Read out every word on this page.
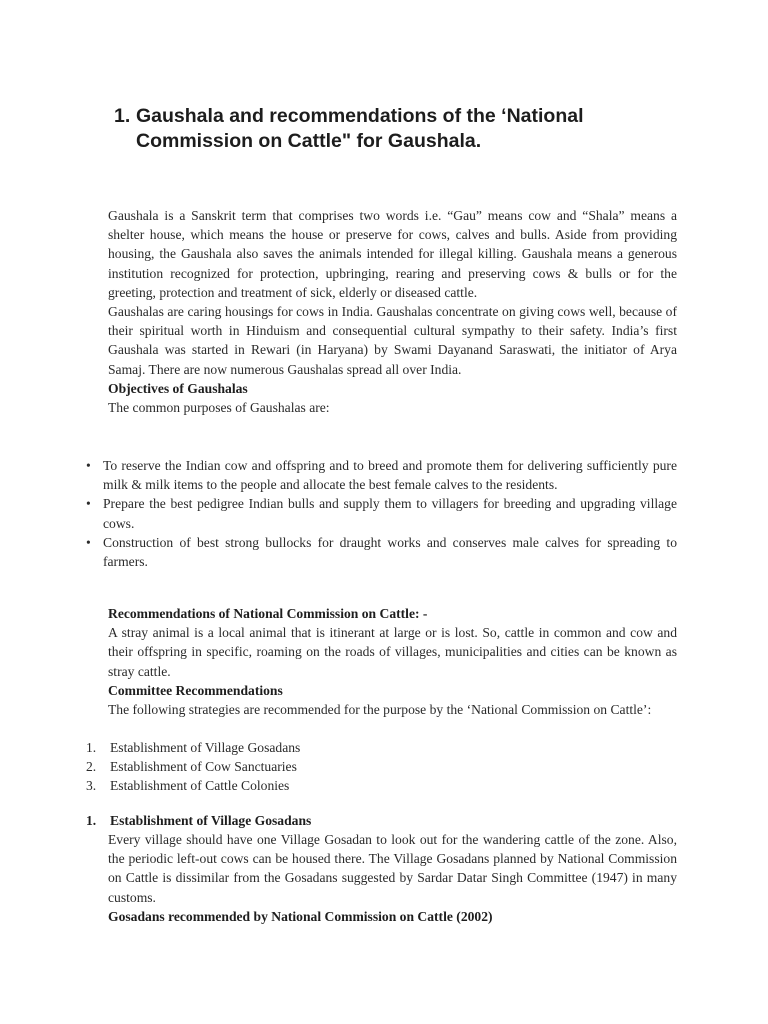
1. Gaushala and recommendations of the ‘National Commission on Cattle" for Gaushala.

Gaushala is a Sanskrit term that comprises two words i.e. “Gau” means cow and “Shala” means a shelter house, which means the house or preserve for cows, calves and bulls. Aside from providing housing, the Gaushala also saves the animals intended for illegal killing. Gaushala means a generous institution recognized for protection, upbringing, rearing and preserving cows & bulls or for the greeting, protection and treatment of sick, elderly or diseased cattle.

Gaushalas are caring housings for cows in India. Gaushalas concentrate on giving cows well, because of their spiritual worth in Hinduism and consequential cultural sympathy to their safety. India’s first Gaushala was started in Rewari (in Haryana) by Swami Dayanand Saraswati, the initiator of Arya Samaj. There are now numerous Gaushalas spread all over India.

Objectives of Gaushalas

The common purposes of Gaushalas are:

• To reserve the Indian cow and offspring and to breed and promote them for delivering sufficiently pure milk & milk items to the people and allocate the best female calves to the residents.
• Prepare the best pedigree Indian bulls and supply them to villagers for breeding and upgrading village cows.
• Construction of best strong bullocks for draught works and conserves male calves for spreading to farmers.

Recommendations of National Commission on Cattle: -

A stray animal is a local animal that is itinerant at large or is lost. So, cattle in common and cow and their offspring in specific, roaming on the roads of villages, municipalities and cities can be known as stray cattle.

Committee Recommendations

The following strategies are recommended for the purpose by the ‘National Commission on Cattle’:

1. Establishment of Village Gosadans
2. Establishment of Cow Sanctuaries
3. Establishment of Cattle Colonies
1. Establishment of Village Gosadans

Every village should have one Village Gosadan to look out for the wandering cattle of the zone. Also, the periodic left-out cows can be housed there. The Village Gosadans planned by National Commission on Cattle is dissimilar from the Gosadans suggested by Sardar Datar Singh Committee (1947) in many customs.

Gosadans recommended by National Commission on Cattle (2002)
